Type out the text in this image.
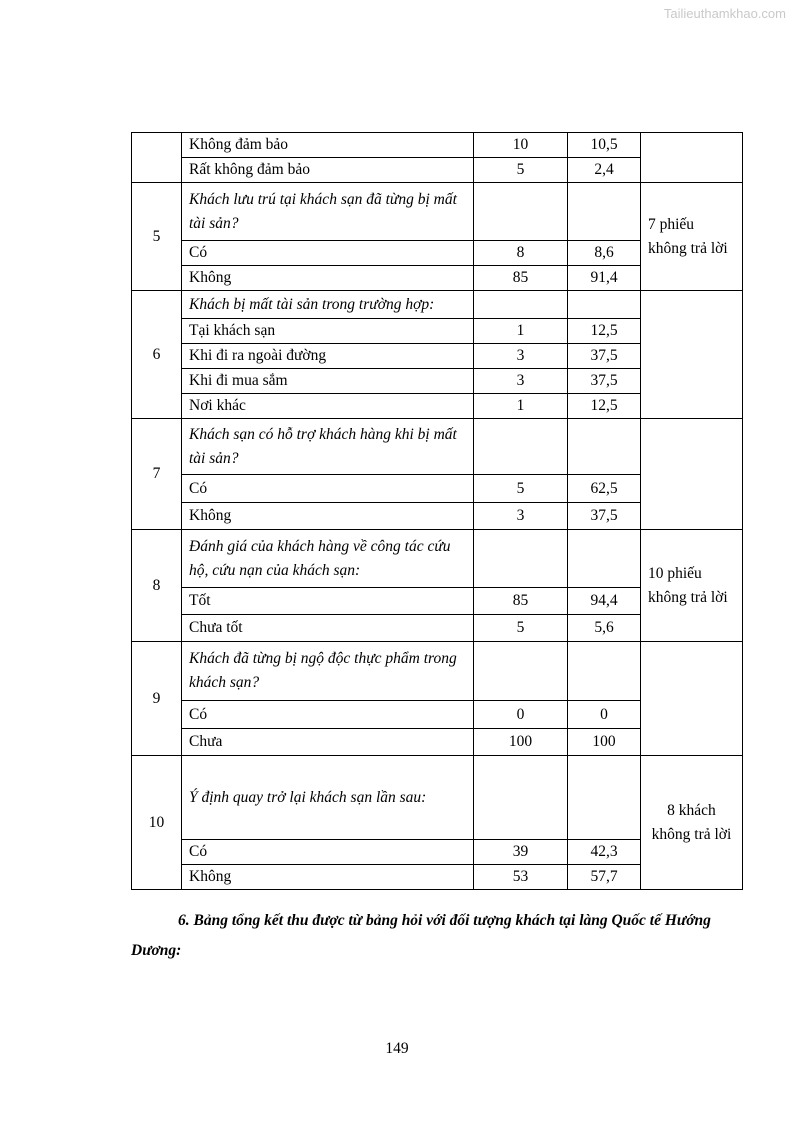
Tailieuthamkhao.com
	Không đảm bảo	10	10,5	
	Rất không đảm bảo	5	2,4	
5	Khách lưu trú tại khách sạn đã từng bị mất tài sản?			7 phiếu không trả lời
	Có	8	8,6	
	Không	85	91,4	
6	Khách bị mất tài sản trong trường hợp:			
	Tại khách sạn	1	12,5	
	Khi đi ra ngoài đường	3	37,5	
	Khi đi mua sắm	3	37,5	
	Nơi khác	1	12,5	
7	Khách sạn có hỗ trợ khách hàng khi bị mất tài sản?			
	Có	5	62,5	
	Không	3	37,5	
8	Đánh giá của khách hàng về công tác cứu hộ, cứu nạn của khách sạn:			10 phiếu không trả lời
	Tốt	85	94,4	
	Chưa tốt	5	5,6	
9	Khách đã từng bị ngộ độc thực phẩm trong khách sạn?			
	Có	0	0	
	Chưa	100	100	
10	Ý định quay trở lại khách sạn lần sau:			8 khách không trả lời
	Có	39	42,3	
	Không	53	57,7	
6. Bảng tổng kết thu được từ bảng hỏi với đối tượng khách tại làng Quốc tế Hướng Dương:
149
